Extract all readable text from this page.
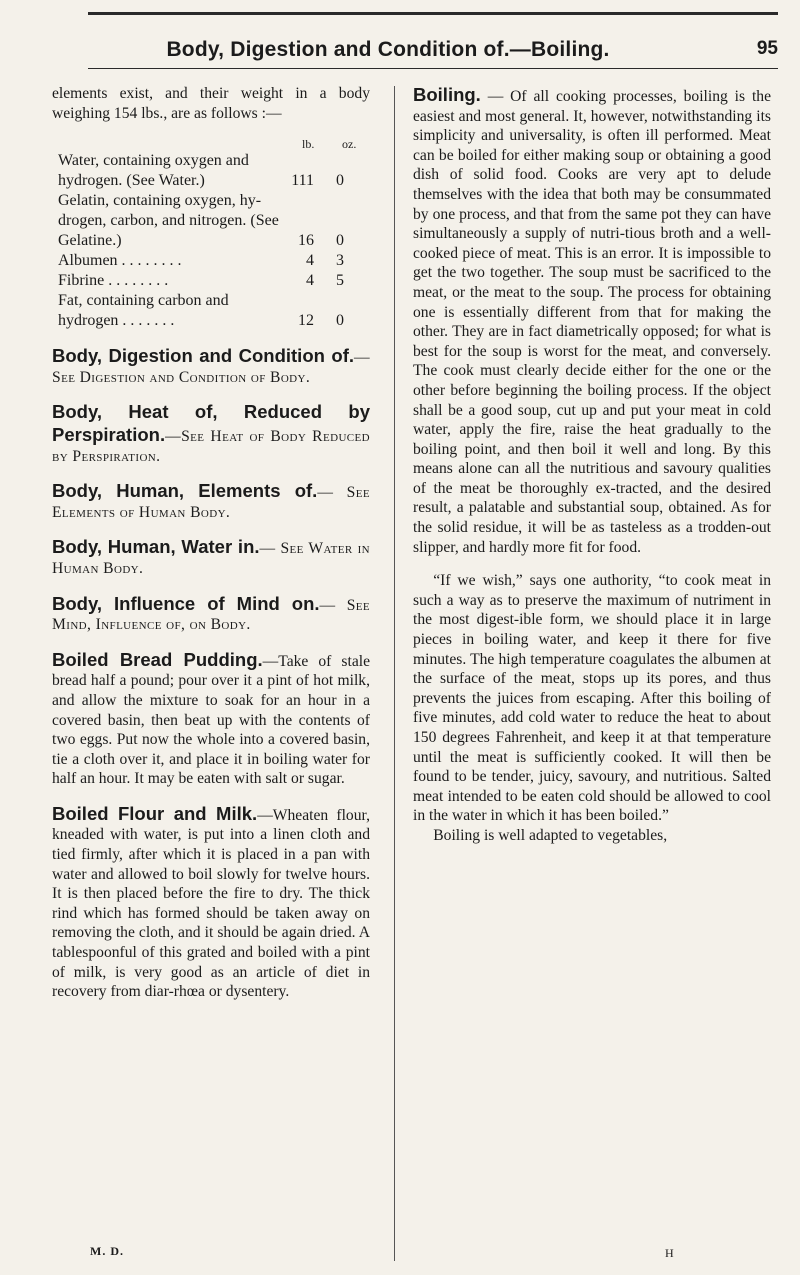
Body, Digestion and Condition of.—Boiling.	95

elements exist, and their weight in a body weighing 154 lbs., are as follows :—

lb. oz.
Water, containing oxygen and hydrogen. (See Water.)	111	0
Gelatin, containing oxygen, hy-drogen, carbon, and nitrogen. (See Gelatine.)	16	0
Albumen . . . . . . . .	4	3
Fibrine . . . . . . . .	4	5
Fat, containing carbon and hydrogen . . . . . . .	12	0

Body, Digestion and Condition of.—See Digestion and Condition of Body.

Body, Heat of, Reduced by Perspiration.—See Heat of Body Reduced by Perspiration.

Body, Human, Elements of.— See Elements of Human Body.

Body, Human, Water in.— See Water in Human Body.

Body, Influence of Mind on.— See Mind, Influence of, on Body.

Boiled Bread Pudding.—Take of stale bread half a pound; pour over it a pint of hot milk, and allow the mixture to soak for an hour in a covered basin, then beat up with the contents of two eggs. Put now the whole into a covered basin, tie a cloth over it, and place it in boiling water for half an hour. It may be eaten with salt or sugar.

Boiled Flour and Milk.—Wheaten flour, kneaded with water, is put into a linen cloth and tied firmly, after which it is placed in a pan with water and allowed to boil slowly for twelve hours. It is then placed before the fire to dry. The thick rind which has formed should be taken away on removing the cloth, and it should be again dried. A tablespoonful of this grated and boiled with a pint of milk, is very good as an article of diet in recovery from diar-rhœa or dysentery.

M. D.

Boiling. — Of all cooking processes, boiling is the easiest and most general. It, however, notwithstanding its simplicity and universality, is often ill performed. Meat can be boiled for either making soup or obtaining a good dish of solid food. Cooks are very apt to delude themselves with the idea that both may be consummated by one process, and that from the same pot they can have simultaneously a supply of nutri-tious broth and a well-cooked piece of meat. This is an error. It is impossible to get the two together. The soup must be sacrificed to the meat, or the meat to the soup. The process for obtaining one is essentially different from that for making the other. They are in fact diametrically opposed; for what is best for the soup is worst for the meat, and conversely. The cook must clearly decide either for the one or the other before beginning the boiling process. If the object shall be a good soup, cut up and put your meat in cold water, apply the fire, raise the heat gradually to the boiling point, and then boil it well and long. By this means alone can all the nutritious and savoury qualities of the meat be thoroughly ex-tracted, and the desired result, a palatable and substantial soup, obtained. As for the solid residue, it will be as tasteless as a trodden-out slipper, and hardly more fit for food.

“If we wish,” says one authority, “to cook meat in such a way as to preserve the maximum of nutriment in the most digest-ible form, we should place it in large pieces in boiling water, and keep it there for five minutes. The high temperature coagulates the albumen at the surface of the meat, stops up its pores, and thus prevents the juices from escaping. After this boiling of five minutes, add cold water to reduce the heat to about 150 degrees Fahrenheit, and keep it at that temperature until the meat is sufficiently cooked. It will then be found to be tender, juicy, savoury, and nutritious. Salted meat intended to be eaten cold should be allowed to cool in the water in which it has been boiled.”

Boiling is well adapted to vegetables,

H
